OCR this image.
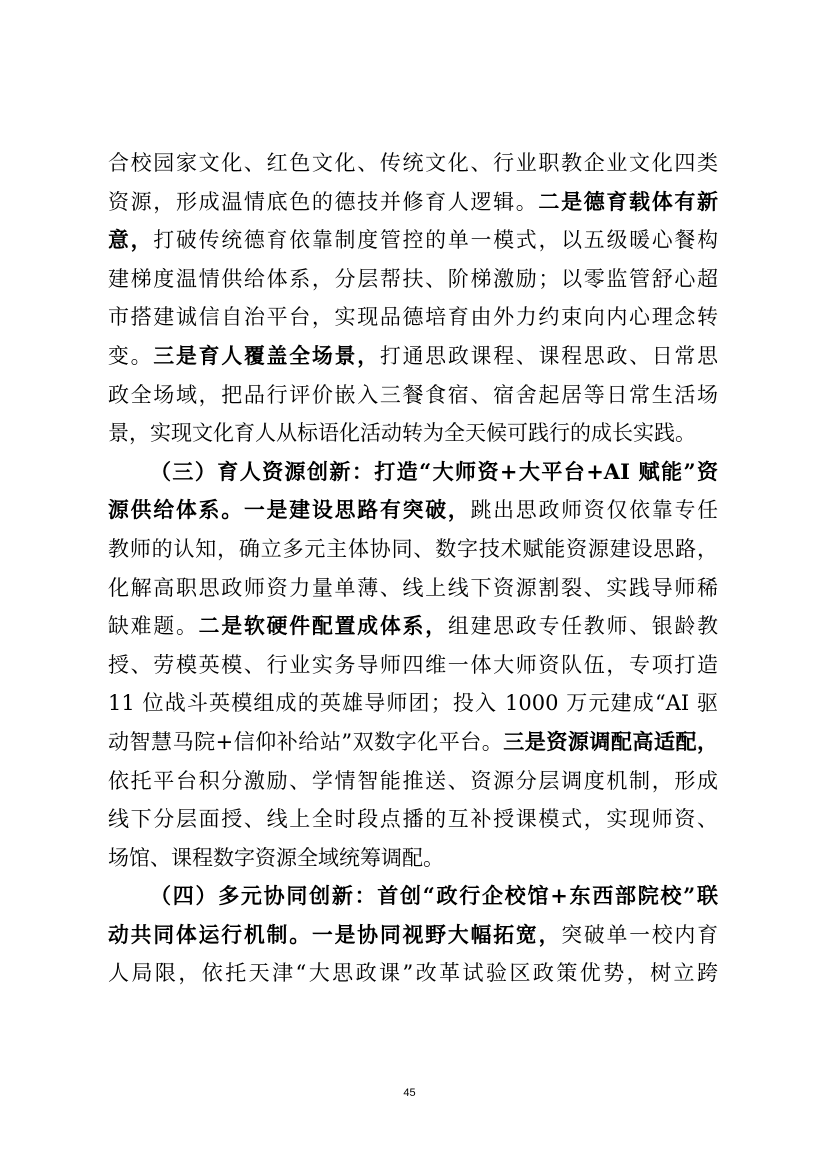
合校园家文化、红色文化、传统文化、行业职教企业文化四类
资源，形成温情底色的德技并修育人逻辑。二是德育载体有新
意，打破传统德育依靠制度管控的单一模式，以五级暖心餐构
建梯度温情供给体系，分层帮扶、阶梯激励；以零监管舒心超
市搭建诚信自治平台，实现品德培育由外力约束向内心理念转
变。三是育人覆盖全场景，打通思政课程、课程思政、日常思
政全场域，把品行评价嵌入三餐食宿、宿舍起居等日常生活场
景，实现文化育人从标语化活动转为全天候可践行的成长实践。
（三）育人资源创新：打造“大师资+大平台+AI 赋能”资
源供给体系。一是建设思路有突破，跳出思政师资仅依靠专任
教师的认知，确立多元主体协同、数字技术赋能资源建设思路，
化解高职思政师资力量单薄、线上线下资源割裂、实践导师稀
缺难题。二是软硬件配置成体系，组建思政专任教师、银龄教
授、劳模英模、行业实务导师四维一体大师资队伍，专项打造
11 位战斗英模组成的英雄导师团；投入 1000 万元建成“AI 驱
动智慧马院+信仰补给站”双数字化平台。三是资源调配高适配，
依托平台积分激励、学情智能推送、资源分层调度机制，形成
线下分层面授、线上全时段点播的互补授课模式，实现师资、
场馆、课程数字资源全域统筹调配。
（四）多元协同创新：首创“政行企校馆+东西部院校”联
动共同体运行机制。一是协同视野大幅拓宽，突破单一校内育
人局限，依托天津“大思政课”改革试验区政策优势，树立跨
45
